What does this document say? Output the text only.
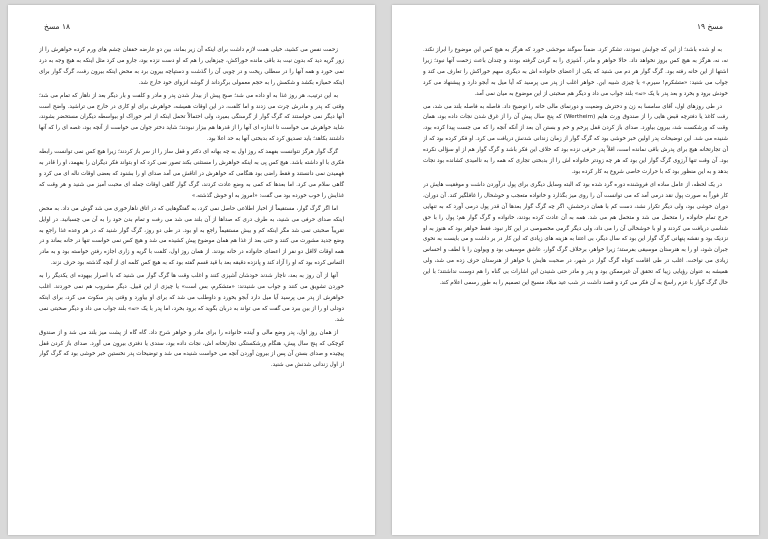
۱۸ مسخ

زحمت نفس می کشید، خیلی همت لازم داشت برای اینکه آن زیر بماند، بین دو عارضه خفقان چشم های ورم کرده خواهرش را از زور گریه دید که بدون نیت بد باقی مانده خوراکش، چیزهایی را هم که او دست نزده بود، جارو می کرد مثل اینکه به هیچ وجه به درد نمی خورد و همه آنها را در سطلی ریخت و در چوبی آن را گذشت و دستپاچه بیرون برد به محض اینکه بیرون رفت، گرگ گوار برای اینکه خمیازه بکشد و شکمش را به حجم معمولی برگرداند از گوشه انزوای خود خارج شد.

به این ترتیب، هر روز غذا به او داده می شد؛ صبح پیش از بیدار شدن پدر و مادر و کلفت و بار دیگر بعد از ناهار که تمام می شد؛ وقتی که پدر و مادرش چرت می زدند و اما کلفت، در این اوقات همیشه، خواهرش برای او کاری در خارج می تراشید. واضح است آنها دیگر نمی خواستند که گرگ گوار از گرسنگی بمیرد، ولی احتمالاً تحمل اینکه از امر خوراک او بیواسطه دیگران مستحضر بشوند، شاید خواهرش می خواست تا اندازه ای آنها را از قدرها هم بیزار نبودند؛ شاید دختر جوان می خواست از آنچه بود، غصه ای را که آنها داشتند بکاهد؛ باید تصدیق کرد که بدبختی آنها به حد اعلا بود.

گرگ گوار هرگز نتوانست بفهمد که روز اول به چه بهانه ای دکتر و قفل ساز را از سر باز کردند؛ زیرا هیچ کس نمی توانست رابطه فکری با او داشته باشد. هیچ کس پی به اینکه خواهرش را مستثنی بکند تصور نمی کرد که او بتواند فکر دیگران را بفهمد، او را قادر به فهمیدن نمی دانستند و فقط راضی بود هنگامی که خواهرش در اتاقش می آمد صدای او را بشنود که بعضی اوقات ناله ای می کرد و گاهی سلام می کرد. اما بعدها که کمی به وضع عادت کردند، گرگ گوار گاهی اوقات جمله ای محبت آمیز می شنید و هر وقت که غذایش را خوب خورده بود می گفت: «امروز به او خوش گذشته.»

اما اگر گرگ گوار، مستقیماً از اخبار اطلاعی حاصل نمی کرد، به گفتگوهایی که در اتاق ناهارخوری می شد گوش می داد. به محض اینکه صدای حرفی می شنید، به طرف دری که صداها از آن بلند می شد می رفت و تمام بدن خود را به آن می چسبانید. در اوایل تقریباً صحبتی نمی شد مگر اینکه کم و بیش مستقیماً راجع به او بود. در طی دو روز، گرگ گوار شنید که در هر وعده غذا راجع به وضع جدید مشورت می کنند و حتی بعد از غذا هم همان موضوع پیش کشیده می شد و هیچ کس نمی خواست تنها در خانه بماند و در همه اوقات لااقل دو نفر از اعضای خانواده در خانه بودند. از همان روز اول، کلفت با گریه و زاری اجازه رفتن خواسته بود و به مادر التماس کرده بود که او را آزاد کند و پانزده دقیقه بعد با قید قسم گفته بود که به هیچ کس کلمه ای از آنچه گذشته بود حرف نزند.

آنها از آن روز به بعد، ناچار شدند خودشان آشپزی کنند و اغلب وقت ها گرگ گوار می شنید که با اصرار بیهوده ای یکدیگر را به خوردن تشویق می کنند و جواب می شنیدند: «متشکرم، بس است» یا چیزی از این قبیل. دیگر مشروب هم نمی خوردند. اغلب خواهرش از پدر می پرسید آیا میل دارد آبجو بخورد و داوطلب می شد که برای او بیاورد و وقتی پدر سکوت می کرد، برای اینکه دودلی او را از بین ببرد می گفت که می تواند به دربان بگوید که برود بخرد، اما پدر با یک «نه» بلند جواب می داد و دیگر صحبتی نمی شد.

از همان روز اول، پدر وضع مالی و آینده خانواده را برای مادر و خواهر شرح داد. گاه گاه از پشت میز بلند می شد و از صندوق کوچکی که پنج سال پیش، هنگام ورشکستگی تجارتخانه اش، نجات داده بود، سندی یا دفتری بیرون می آورد. صدای باز کردن قفل پیچیده و صدای بستن آن پس از بیرون آوردن آنچه می خواست شنیده می شد و توضیحات پدر نخستین خبر خوشی بود که گرگ گوار از اول زندانی شدنش می شنید.

مسخ ۱۹

به او شده باشد؛ از این که جوابش نمودند، تشکر کرد. ضمناً سوگند موحشی خورد که هرگز به هیچ کس این موضوع را ابراز نکند. نه، نه، هرگز به هیچ کس بروز نخواهد داد. حالا خواهر و مادر، آشپزی را به گردن گرفته بودند و چندان باعث زحمت آنها نبود؛ زیرا اشتها از این خانه رفته بود. گرگ گوار هر دم می شنید که یکی از اعضای خانواده اش به دیگری سهم خوراکش را تعارف می کند و جواب می شنید: «متشکرم! سیرم.» یا چیزی شبیه این. خواهر اغلب از پدر می پرسید که آیا میل به آبجو دارد و پیشنهاد می کرد خودش برود و بخرد و بعد پدر با یک «نه» بلند جواب می داد و دیگر هم صحبتی از این موضوع به میان نمی آمد.

در طی روزهای اول، آقای سامسا به زن و دخترش وضعیت و دورنمای مالی خانه را توضیح داد. فاصله به فاصله بلند می شد، می رفت کاغذ یا دفترچه قبض هایی را از صندوق ورث هایم (Wertheim) که پنج سال پیش آن را از غرق شدن نجات داده بود، همان وقت که ورشکست شد، بیرون بیاورد. صدای باز کردن قفل پرخم و خم و بستن آن بعد از آنکه آنچه را که می جست پیدا کرده بود، شنیده می شد. این توضیحات پدر اولین خبر خوشی بود که گرگ گوار از زمان زندانی شدنش دریافت می کرد. او فکر کرده بود که از آن تجارتخانه هیچ برای پدرش باقی نمانده است، اقلاً پدر حرفی نزده بود که خلاف این فکر باشد و گرگ گوار هم از او سؤالی نکرده بود. آن وقت تنها آرزوی گرگ گوار این بود که هر چه زودتر خانواده اش را از بدبختی تجاری که همه را به ناامیدی کشانده بود نجات بدهد و به این منظور بود که با حرارت خاصی شروع به کار کرده بود.

در یک لحظه، از عامل ساده ای فروشنده دوره گرد شده بود که البته وسایل دیگری برای پول درآوردن داشت و موفقیت هایش در کار فوراً به صورت پول نقد درمی آمد که می توانست آن را روی میز بگذارد و خانواده متعجب و خوشحال را غافلگیر کند. آن دوران، دوران خوشی بود، ولی دیگر تکرار نشد، دست کم با همان درخشش، اگر چه گرگ گوار بعدها آن قدر پول درمی آورد که به تنهایی خرج تمام خانواده را متحمل می شد و متحمل هم می شد. همه به آن عادت کرده بودند، خانواده و گرگ گوار هم؛ پول را با حق شناسی دریافت می کردند و او با خوشحالی آن را می داد، ولی دیگر گرمی مخصوصی در این کار نبود. فقط خواهر بود که هنوز به او نزدیک بود و نقشه پنهانی گرگ گوار این بود که سال دیگر، بی اعتنا به هزینه های زیادی که این کار در بر داشت و می بایست به نحوی جبران شود، او را به هنرستان موسیقی بفرستد؛ زیرا خواهر، برخلاف گرگ گوار، عاشق موسیقی بود و ویولون را با لطف و احساس زیادی می نواخت. اغلب در طی اقامت کوتاه گرگ گوار در شهر، در صحبت هایش با خواهر از هنرستان حرف زده می شد، ولی همیشه به عنوان رؤیایی زیبا که تحقق آن غیرممکن بود و پدر و مادر حتی شنیدن این اشارات بی گناه را هم دوست نداشتند؛ با این حال گرگ گوار با عزم راسخ به آن فکر می کرد و قصد داشت در شب عید میلاد مسیح این تصمیم را به طور رسمی اعلام کند.
